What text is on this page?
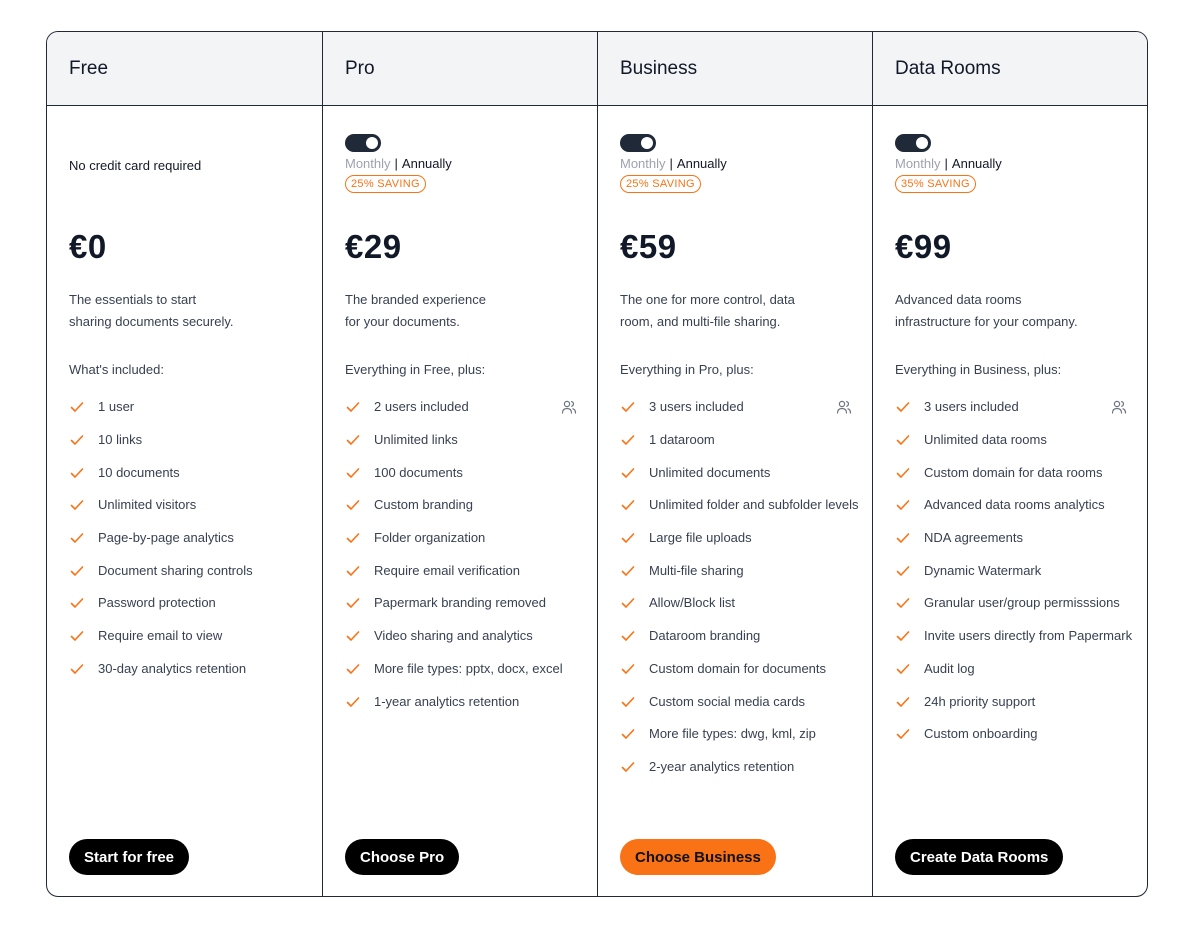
Free
No credit card required
€0
The essentials to start
sharing documents securely.
What's included:
1 user
10 links
10 documents
Unlimited visitors
Page-by-page analytics
Document sharing controls
Password protection
Require email to view
30-day analytics retention
Start for free
Pro
Monthly | Annually
25% SAVING
€29
The branded experience
for your documents.
Everything in Free, plus:
2 users included
Unlimited links
100 documents
Custom branding
Folder organization
Require email verification
Papermark branding removed
Video sharing and analytics
More file types: pptx, docx, excel
1-year analytics retention
Choose Pro
Business
Monthly | Annually
25% SAVING
€59
The one for more control, data
room, and multi-file sharing.
Everything in Pro, plus:
3 users included
1 dataroom
Unlimited documents
Unlimited folder and subfolder levels
Large file uploads
Multi-file sharing
Allow/Block list
Dataroom branding
Custom domain for documents
Custom social media cards
More file types: dwg, kml, zip
2-year analytics retention
Choose Business
Data Rooms
Monthly | Annually
35% SAVING
€99
Advanced data rooms
infrastructure for your company.
Everything in Business, plus:
3 users included
Unlimited data rooms
Custom domain for data rooms
Advanced data rooms analytics
NDA agreements
Dynamic Watermark
Granular user/group permisssions
Invite users directly from Papermark
Audit log
24h priority support
Custom onboarding
Create Data Rooms
